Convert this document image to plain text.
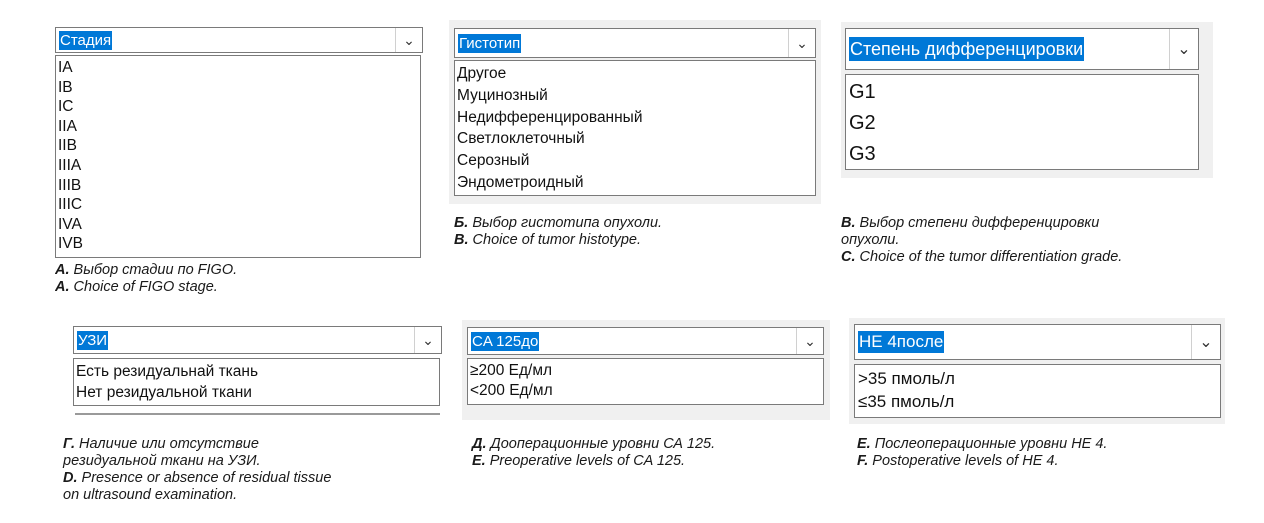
Стадия	⌄
IA
IB
IC
IIA
IIB
IIIA
IIIB
IIIC
IVA
IVB

А. Выбор стадии по FIGO.

A. Choice of FIGO stage.

Гистотип	⌄
Другое
Муцинозный
Недифференцированный
Светлоклеточный
Серозный
Эндометроидный

Б. Выбор гистотипа опухоли.

B. Choice of tumor histotype.

Степень дифференцировки	⌄
G1
G2
G3

В. Выбор степени дифференцировки

опухоли.

C. Choice of the tumor differentiation grade.

УЗИ	⌄
Есть резидуальнай ткань
Нет резидуальной ткани

Г. Наличие или отсутствие

резидуальной ткани на УЗИ.

D. Presence or absence of residual tissue

on ultrasound examination.

CA 125до	⌄
≥200 Ед/мл
<200 Ед/мл

Д. Дооперационные уровни СА 125.

E. Preoperative levels of CA 125.

HE 4после	⌄
>35 пмоль/л
≤35 пмоль/л

Е. Послеоперационные уровни НЕ 4.

F. Postoperative levels of HE 4.
